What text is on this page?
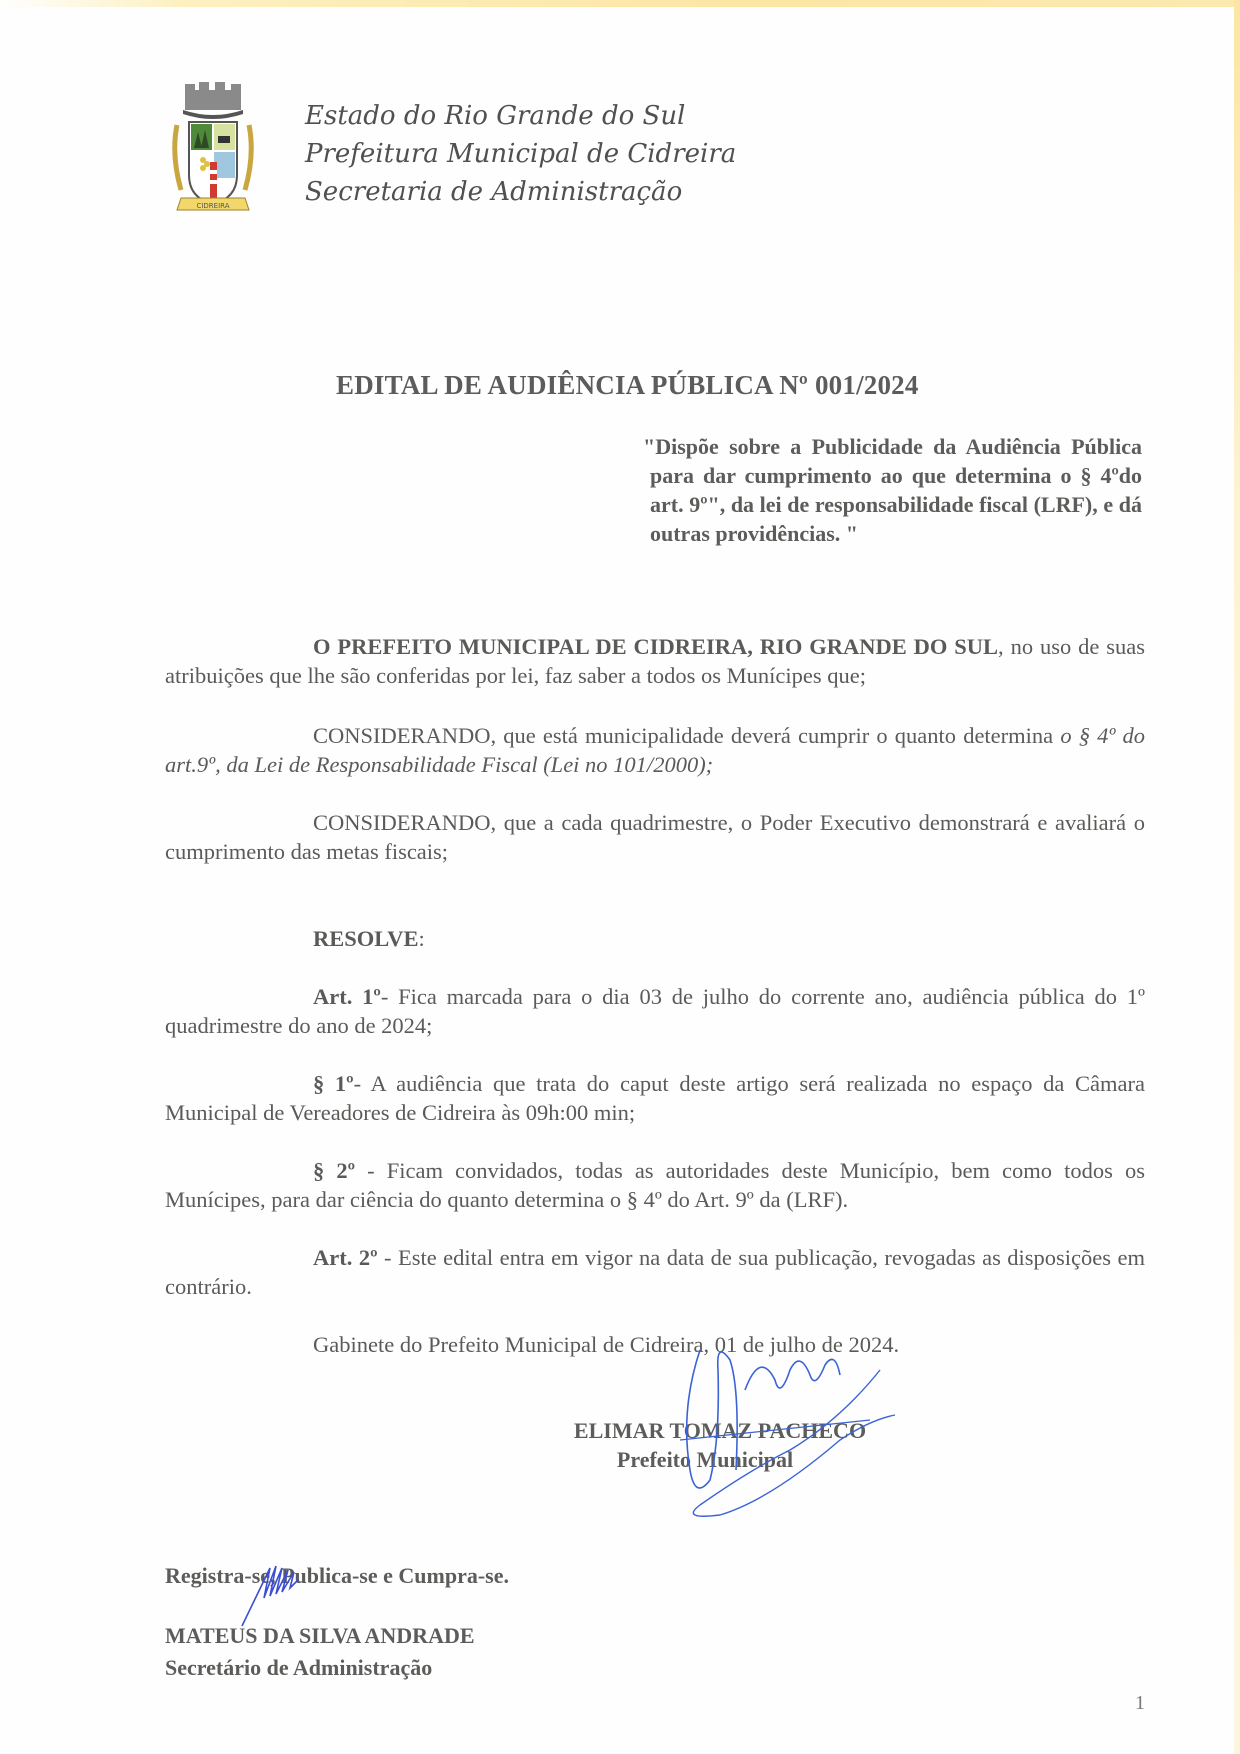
CIDREIRA
Estado do Rio Grande do Sul
Prefeitura Municipal de Cidreira
Secretaria de Administração
EDITAL DE AUDIÊNCIA PÚBLICA Nº 001/2024
"Dispõe sobre a Publicidade da Audiência Pública para dar cumprimento ao que determina o § 4ºdo art. 9º", da lei de responsabilidade fiscal (LRF), e dá outras providências. "
O PREFEITO MUNICIPAL DE CIDREIRA, RIO GRANDE DO SUL, no uso de suas atribuições que lhe são conferidas por lei, faz saber a todos os Munícipes que;
CONSIDERANDO, que está municipalidade deverá cumprir o quanto determina o § 4º do art.9º, da Lei de Responsabilidade Fiscal (Lei no 101/2000);
CONSIDERANDO, que a cada quadrimestre, o Poder Executivo demonstrará e avaliará o cumprimento das metas fiscais;
RESOLVE:
Art. 1º- Fica marcada para o dia 03 de julho do corrente ano, audiência pública do 1º quadrimestre do ano de 2024;
§ 1º- A audiência que trata do caput deste artigo será realizada no espaço da Câmara Municipal de Vereadores de Cidreira às 09h:00 min;
§ 2º - Ficam convidados, todas as autoridades deste Município, bem como todos os Munícipes, para dar ciência do quanto determina o § 4º do Art. 9º da (LRF).
Art. 2º - Este edital entra em vigor na data de sua publicação, revogadas as disposições em contrário.
Gabinete do Prefeito Municipal de Cidreira, 01 de julho de 2024.
ELIMAR TOMAZ PACHECO
Prefeito Municipal
Registra-se, Publica-se e Cumpra-se.
MATEUS DA SILVA ANDRADE
Secretário de Administração
1
